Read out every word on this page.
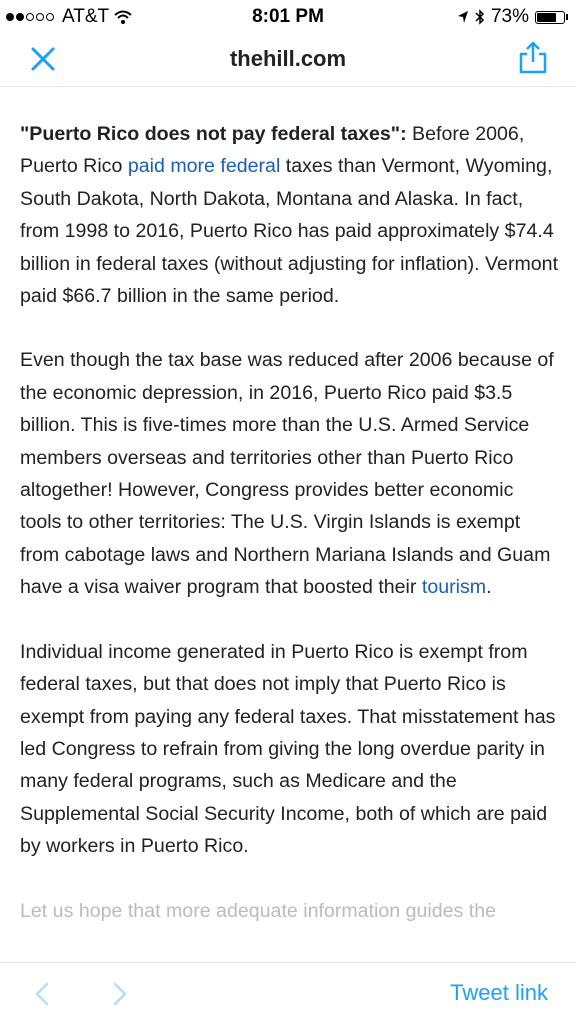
AT&T	8:01 PM	73%
thehill.com

"Puerto Rico does not pay federal taxes": Before 2006, Puerto Rico paid more federal taxes than Vermont, Wyoming, South Dakota, North Dakota, Montana and Alaska. In fact, from 1998 to 2016, Puerto Rico has paid approximately $74.4 billion in federal taxes (without adjusting for inflation). Vermont paid $66.7 billion in the same period.

Even though the tax base was reduced after 2006 because of the economic depression, in 2016, Puerto Rico paid $3.5 billion. This is five-times more than the U.S. Armed Service members overseas and territories other than Puerto Rico altogether! However, Congress provides better economic tools to other territories: The U.S. Virgin Islands is exempt from cabotage laws and Northern Mariana Islands and Guam have a visa waiver program that boosted their tourism.

Individual income generated in Puerto Rico is exempt from federal taxes, but that does not imply that Puerto Rico is exempt from paying any federal taxes. That misstatement has led Congress to refrain from giving the long overdue parity in many federal programs, such as Medicare and the Supplemental Social Security Income, both of which are paid by workers in Puerto Rico.

Let us hope that more adequate information guides the
Tweet link
